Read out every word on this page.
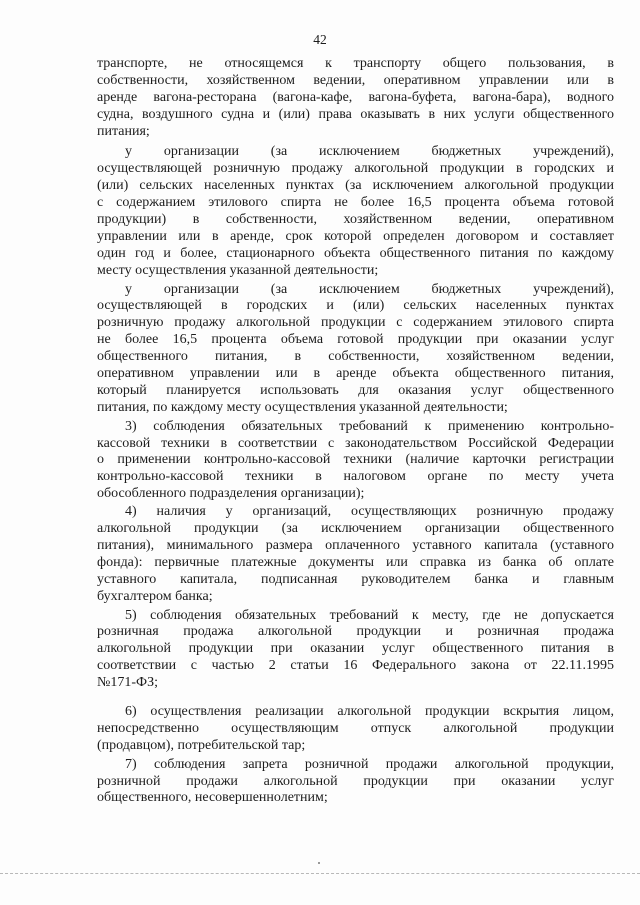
42
транспорте, не относящемся к транспорту общего пользования, в
собственности, хозяйственном ведении, оперативном управлении или в
аренде вагона-ресторана (вагона-кафе, вагона-буфета, вагона-бара), водного
судна, воздушного судна и (или) права оказывать в них услуги общественного
питания;
у организации (за исключением бюджетных учреждений),
осуществляющей розничную продажу алкогольной продукции в городских и
(или) сельских населенных пунктах (за исключением алкогольной продукции
с содержанием этилового спирта не более 16,5 процента объема готовой
продукции) в собственности, хозяйственном ведении, оперативном
управлении или в аренде, срок которой определен договором и составляет
один год и более, стационарного объекта общественного питания по каждому
месту осуществления указанной деятельности;
у организации (за исключением бюджетных учреждений),
осуществляющей в городских и (или) сельских населенных пунктах
розничную продажу алкогольной продукции с содержанием этилового спирта
не более 16,5 процента объема готовой продукции при оказании услуг
общественного питания, в собственности, хозяйственном ведении,
оперативном управлении или в аренде объекта общественного питания,
который планируется использовать для оказания услуг общественного
питания, по каждому месту осуществления указанной деятельности;
3) соблюдения обязательных требований к применению контрольно-
кассовой техники в соответствии с законодательством Российской Федерации
о применении контрольно-кассовой техники (наличие карточки регистрации
контрольно-кассовой техники в налоговом органе по месту учета
обособленного подразделения организации);
4) наличия у организаций, осуществляющих розничную продажу
алкогольной продукции (за исключением организации общественного
питания), минимального размера оплаченного уставного капитала (уставного
фонда): первичные платежные документы или справка из банка об оплате
уставного капитала, подписанная руководителем банка и главным
бухгалтером банка;
5) соблюдения обязательных требований к месту, где не допускается
розничная продажа алкогольной продукции и розничная продажа
алкогольной продукции при оказании услуг общественного питания в
соответствии с частью 2 статьи 16 Федерального закона от 22.11.1995
№171-ФЗ;
6) осуществления реализации алкогольной продукции вскрытия лицом,
непосредственно осуществляющим отпуск алкогольной продукции
(продавцом), потребительской тар;
7) соблюдения запрета розничной продажи алкогольной продукции,
розничной продажи алкогольной продукции при оказании услуг
общественного, несовершеннолетним;
